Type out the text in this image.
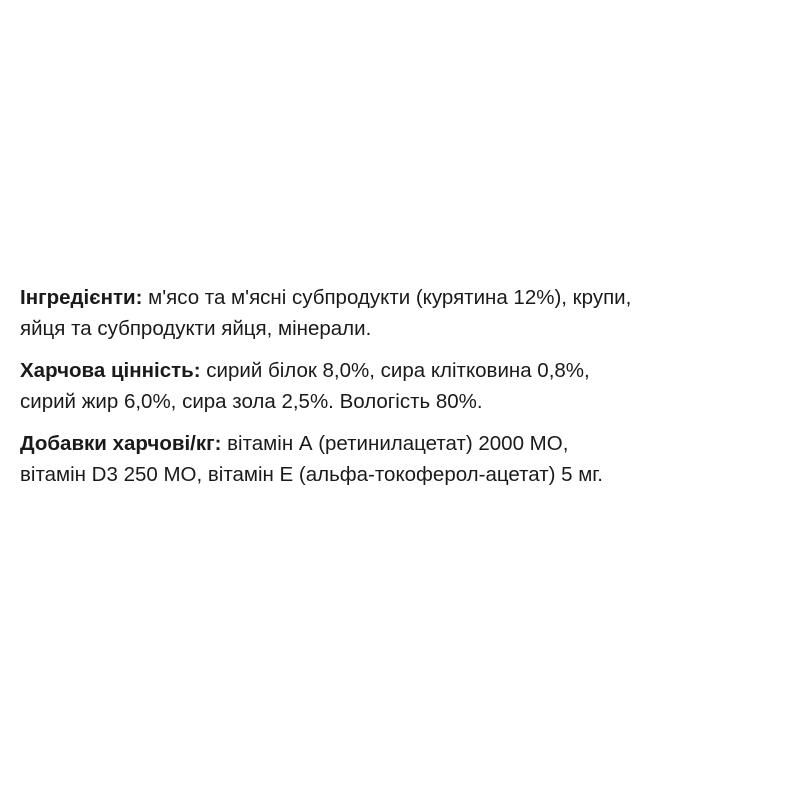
Інгредієнти: м'ясо та м'ясні субпродукти (курятина 12%), крупи,
яйця та субпродукти яйця, мінерали.

Харчова цінність: сирий білок 8,0%, сира клітковина 0,8%,
сирий жир 6,0%, сира зола 2,5%. Вологість 80%.

Добавки харчові/кг: вітамін А (ретинилацетат) 2000 МО,
вітамін D3 250 МО, вітамін Е (альфа-токоферол-ацетат) 5 мг.
